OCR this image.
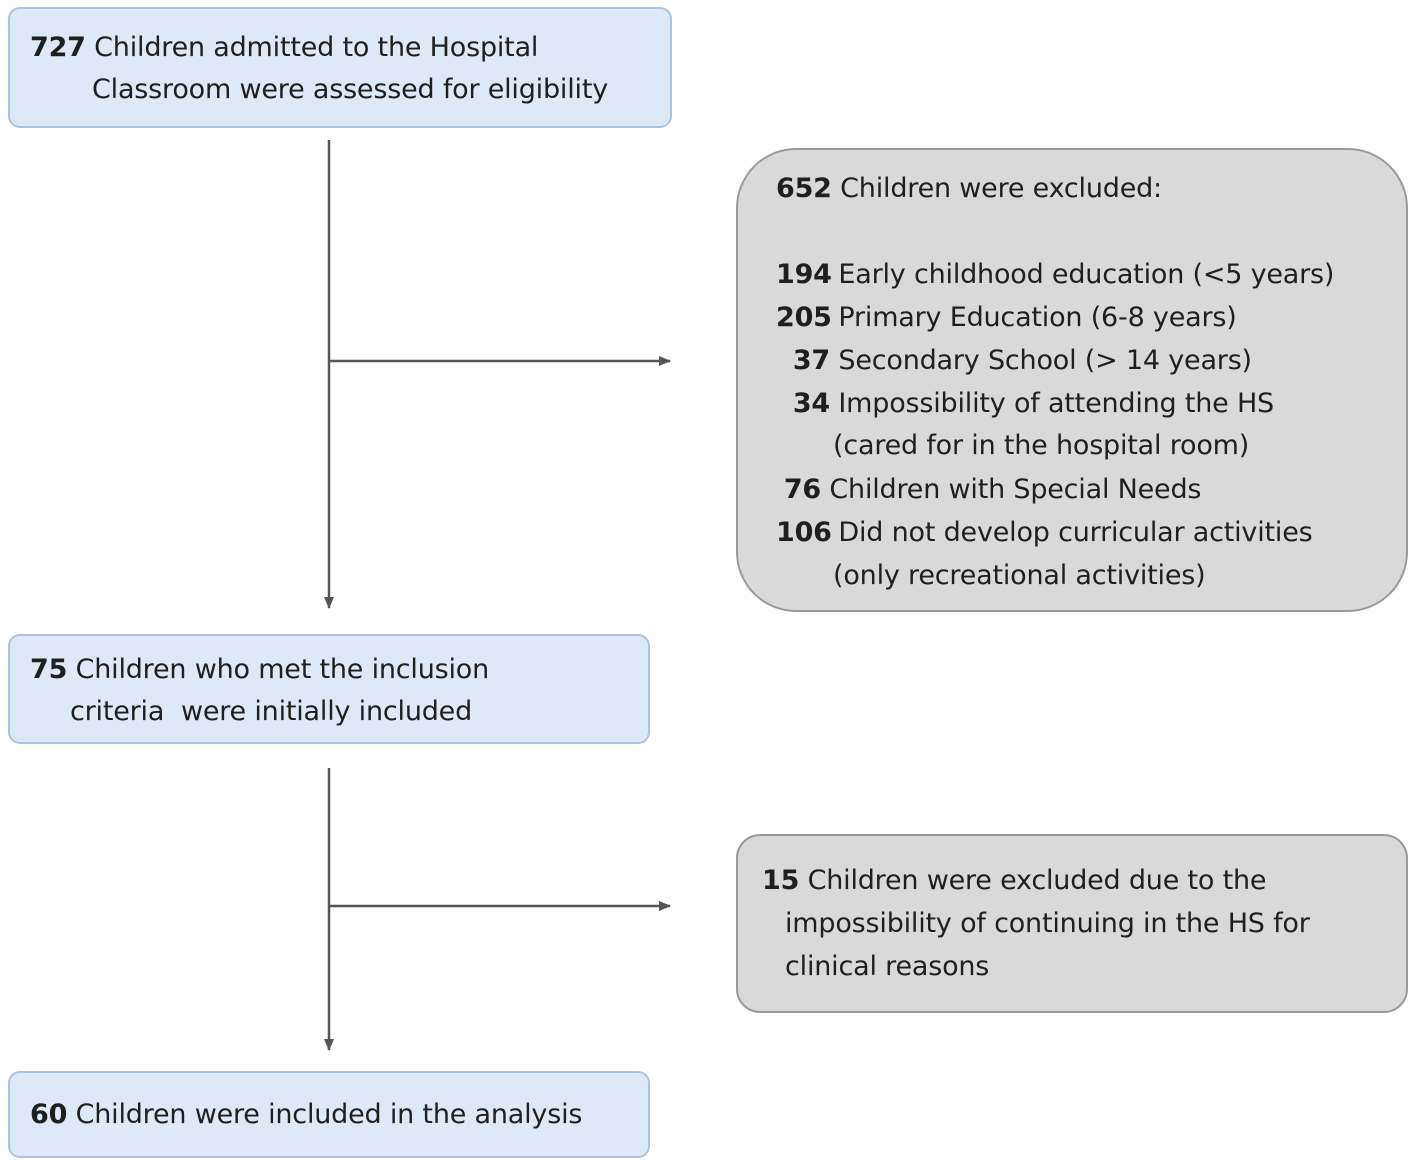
727 Children admitted to the Hospital
Classroom were assessed for eligibility
652 Children were excluded:
194 Early childhood education (<5 years)
205 Primary Education (6-8 years)
37 Secondary School (> 14 years)
34 Impossibility of attending the HS
(cared for in the hospital room)
76 Children with Special Needs
106 Did not develop curricular activities
(only recreational activities)
75 Children who met the inclusion
criteria  were initially included
15 Children were excluded due to the
impossibility of continuing in the HS for
clinical reasons
60 Children were included in the analysis
